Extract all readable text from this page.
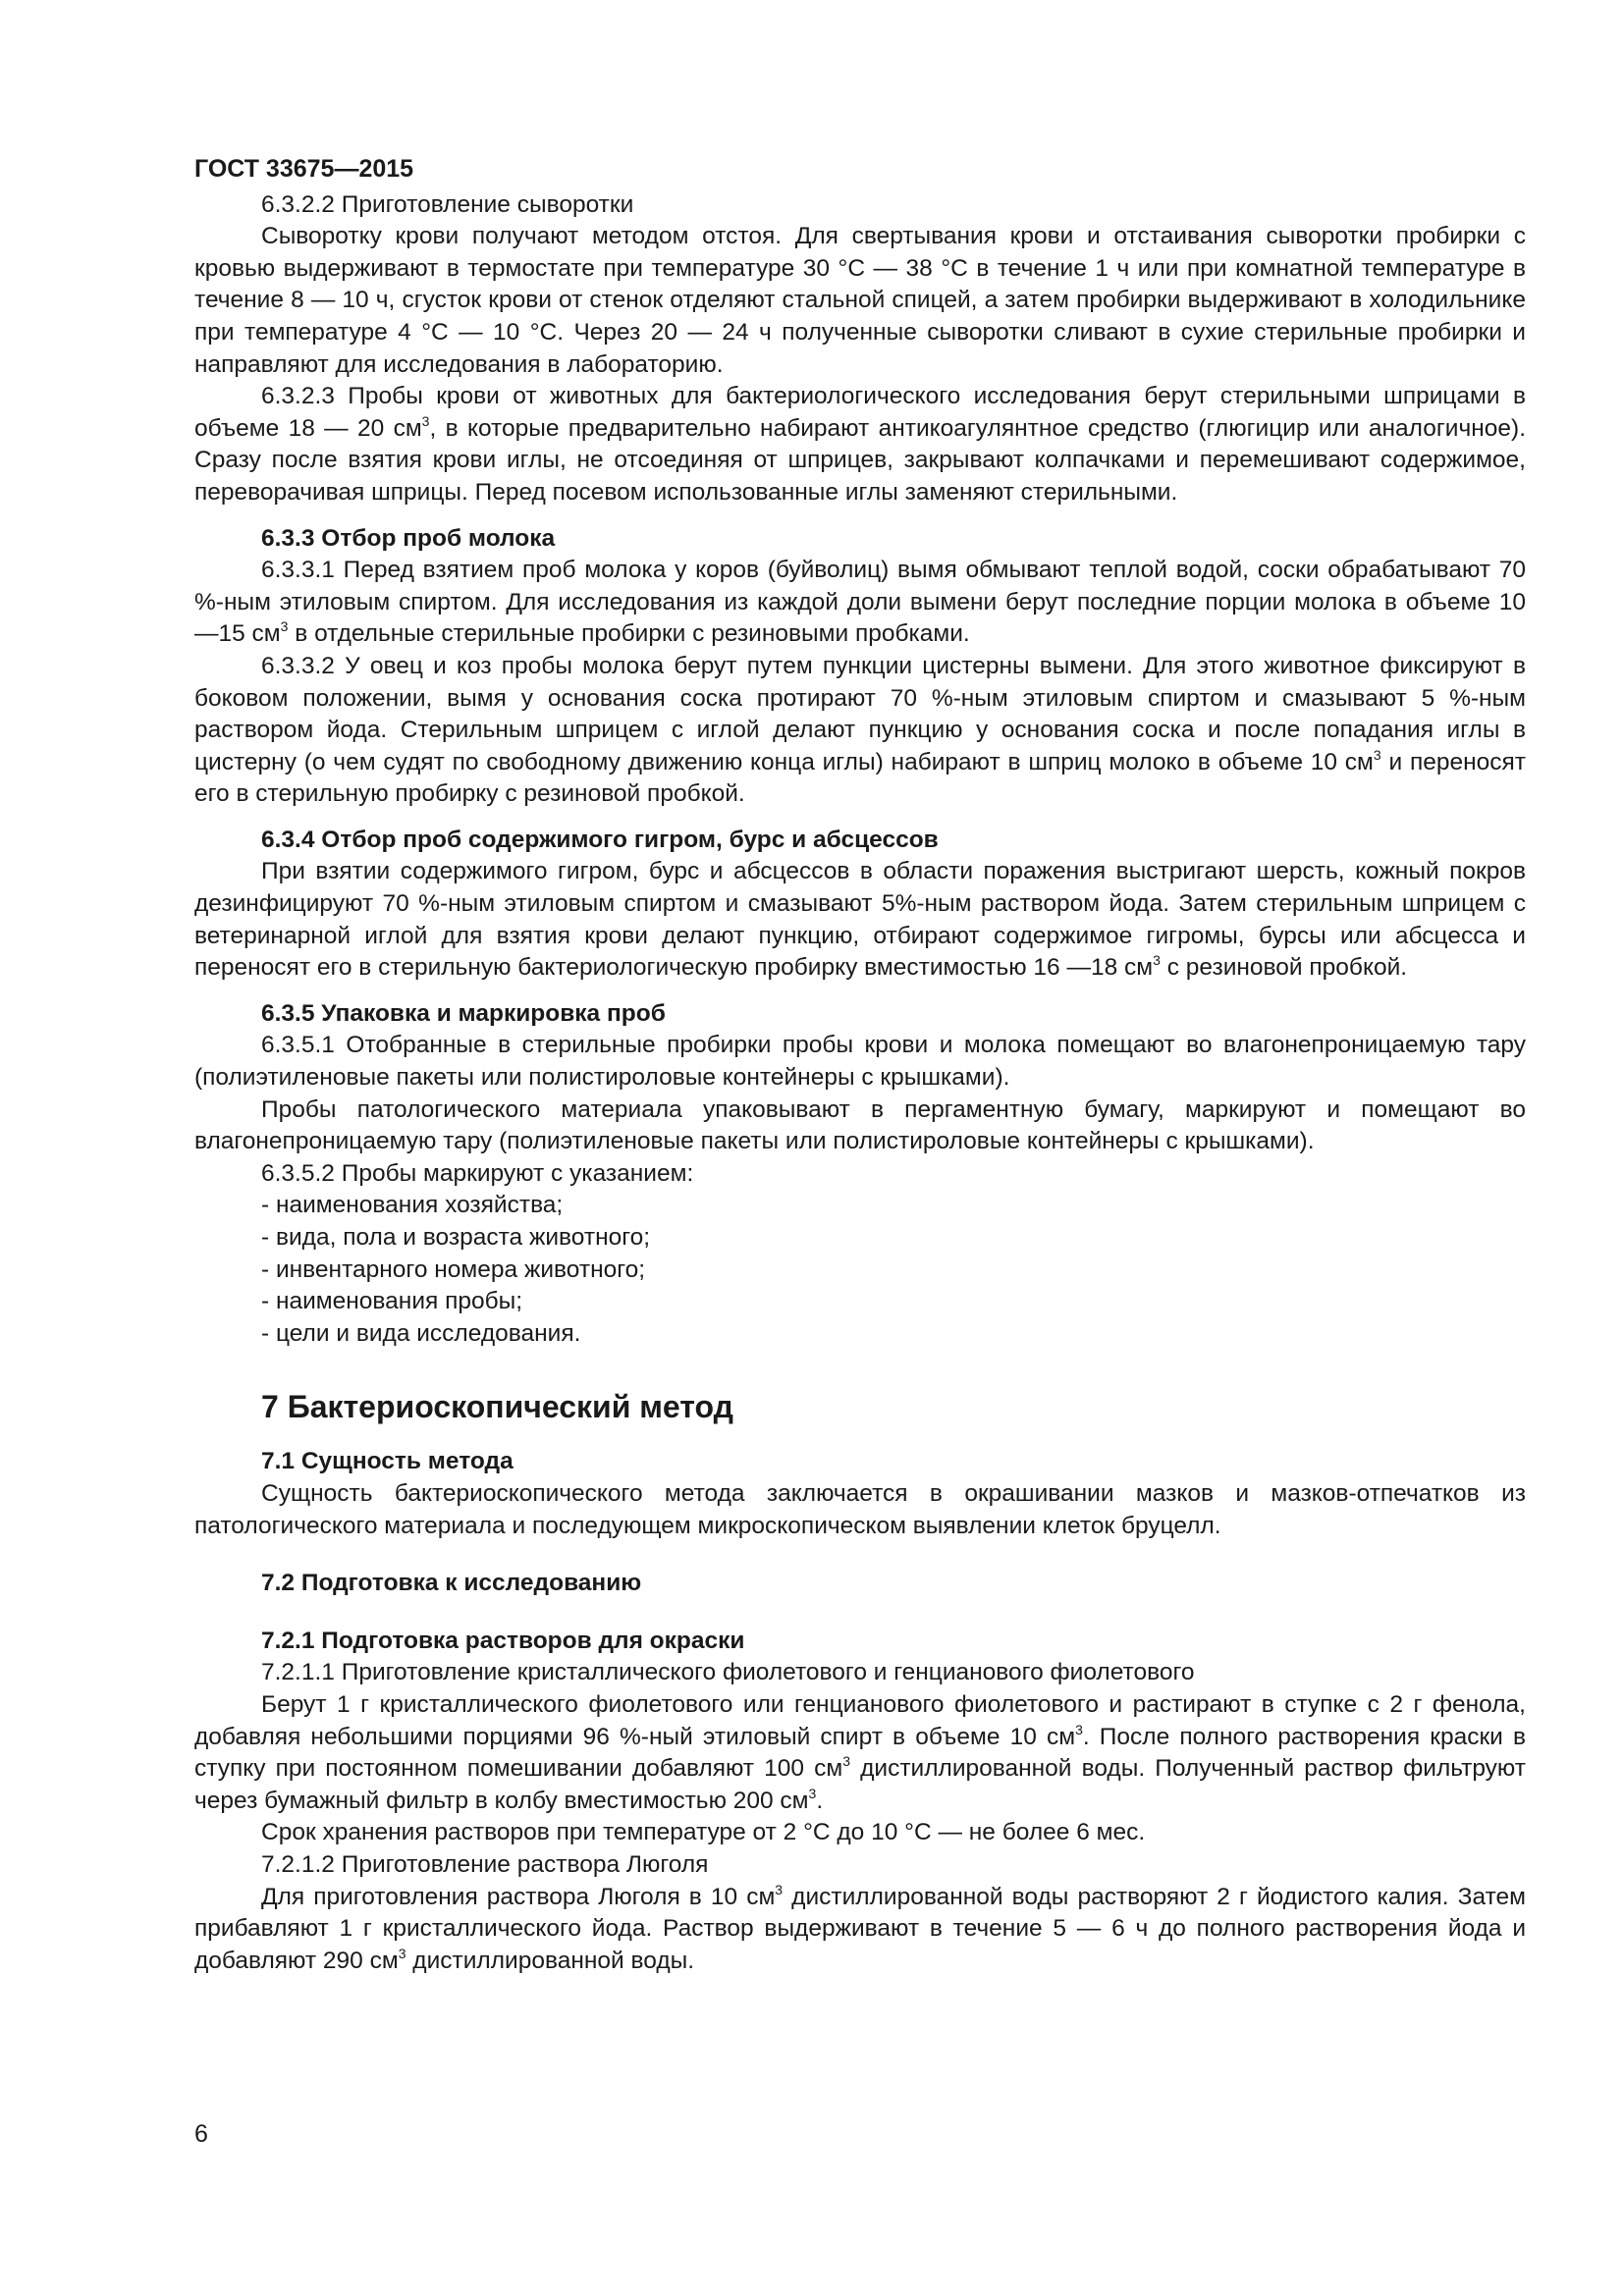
ГОСТ 33675—2015

6.3.2.2 Приготовление сыворотки

Сыворотку крови получают методом отстоя. Для свертывания крови и отстаивания сыворотки пробирки с кровью выдерживают в термостате при температуре 30 °С — 38 °С в течение 1 ч или при комнатной температуре в течение 8 — 10 ч, сгусток крови от стенок отделяют стальной спицей, а затем пробирки выдерживают в холодильнике при температуре 4 °С — 10 °С. Через 20 — 24 ч полученные сыворотки сливают в сухие стерильные пробирки и направляют для исследования в лабораторию.

6.3.2.3 Пробы крови от животных для бактериологического исследования берут стерильными шприцами в объеме 18 — 20 $см^3$, в которые предварительно набирают антикоагулянтное средство (глюгицир или аналогичное). Сразу после взятия крови иглы, не отсоединяя от шприцев, закрывают колпачками и перемешивают содержимое, переворачивая шприцы. Перед посевом использованные иглы заменяют стерильными.

6.3.3 Отбор проб молока

6.3.3.1 Перед взятием проб молока у коров (буйволиц) вымя обмывают теплой водой, соски обрабатывают 70 %-ным этиловым спиртом. Для исследования из каждой доли вымени берут последние порции молока в объеме 10 —15 $см^3$ в отдельные стерильные пробирки с резиновыми пробками.

6.3.3.2 У овец и коз пробы молока берут путем пункции цистерны вымени. Для этого животное фиксируют в боковом положении, вымя у основания соска протирают 70 %-ным этиловым спиртом и смазывают 5 %-ным раствором йода. Стерильным шприцем с иглой делают пункцию у основания соска и после попадания иглы в цистерну (о чем судят по свободному движению конца иглы) набирают в шприц молоко в объеме 10 $см^3$ и переносят его в стерильную пробирку с резиновой пробкой.

6.3.4 Отбор проб содержимого гигром, бурс и абсцессов

При взятии содержимого гигром, бурс и абсцессов в области поражения выстригают шерсть, кожный покров дезинфицируют 70 %-ным этиловым спиртом и смазывают 5%-ным раствором йода. Затем стерильным шприцем с ветеринарной иглой для взятия крови делают пункцию, отбирают содержимое гигромы, бурсы или абсцесса и переносят его в стерильную бактериологическую пробирку вместимостью 16 —18 $см^3$ с резиновой пробкой.

6.3.5 Упаковка и маркировка проб

6.3.5.1 Отобранные в стерильные пробирки пробы крови и молока помещают во влагонепроницаемую тару (полиэтиленовые пакеты или полистироловые контейнеры с крышками).

Пробы патологического материала упаковывают в пергаментную бумагу, маркируют и помещают во влагонепроницаемую тару (полиэтиленовые пакеты или полистироловые контейнеры с крышками).

6.3.5.2 Пробы маркируют с указанием:

- наименования хозяйства;
- вида, пола и возраста животного;
- инвентарного номера животного;
- наименования пробы;
- цели и вида исследования.
7 Бактериоскопический метод

7.1 Сущность метода

Сущность бактериоскопического метода заключается в окрашивании мазков и мазков-отпечатков из патологического материала и последующем микроскопическом выявлении клеток бруцелл.

7.2 Подготовка к исследованию

7.2.1 Подготовка растворов для окраски

7.2.1.1 Приготовление кристаллического фиолетового и генцианового фиолетового

Берут 1 г кристаллического фиолетового или генцианового фиолетового и растирают в ступке с 2 г фенола, добавляя небольшими порциями 96 %-ный этиловый спирт в объеме 10 $см^3$. После полного растворения краски в ступку при постоянном помешивании добавляют 100 $см^3$ дистиллированной воды. Полученный раствор фильтруют через бумажный фильтр в колбу вместимостью 200 $см^3$.

Срок хранения растворов при температуре от 2 °С до 10 °С — не более 6 мес.

7.2.1.2 Приготовление раствора Люголя

Для приготовления раствора Люголя в 10 $см^3$ дистиллированной воды растворяют 2 г йодистого калия. Затем прибавляют 1 г кристаллического йода. Раствор выдерживают в течение 5 — 6 ч до полного растворения йода и добавляют 290 $см^3$ дистиллированной воды.

6
